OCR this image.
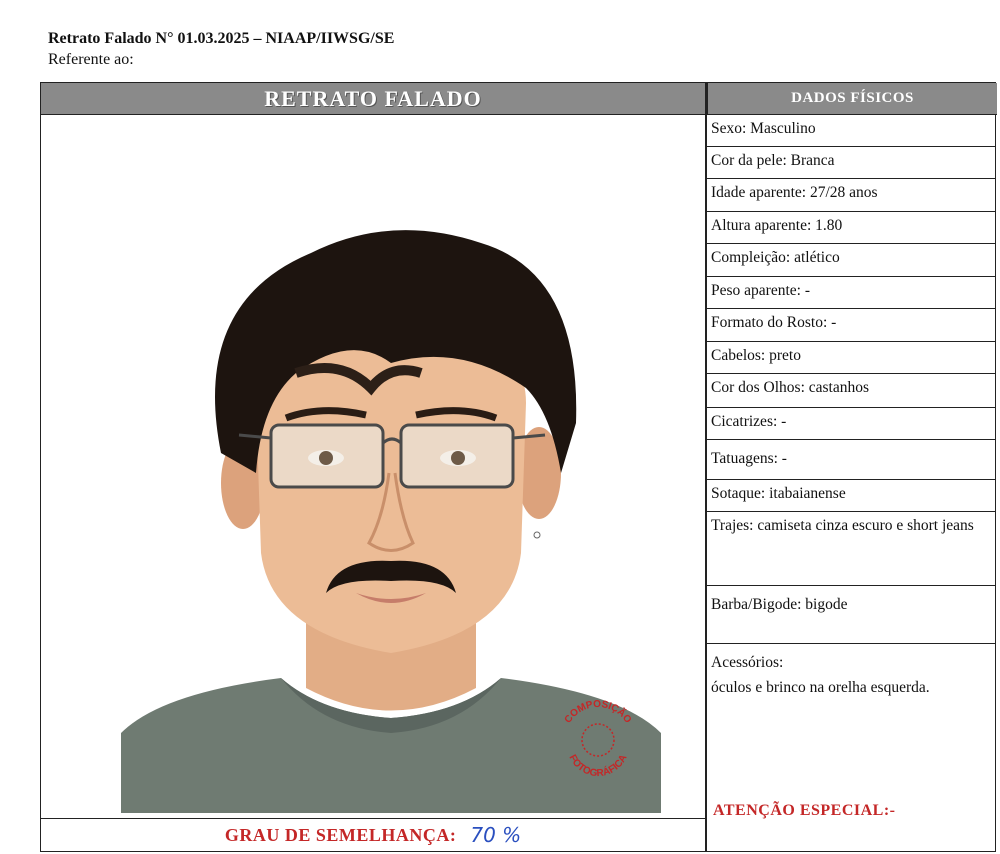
Retrato Falado N° 01.03.2025 – NIAAP/IIWSG/SE
Referente ao:
RETRATO FALADO	DADOS FÍSICOS
COMPOSIÇÃO
FOTOGRÁFICA
GRAU DE SEMELHANÇA: 70 %
Sexo: Masculino
Cor da pele: Branca
Idade aparente: 27/28 anos
Altura aparente: 1.80
Compleição: atlético
Peso aparente: -
Formato do Rosto: -
Cabelos: preto
Cor dos Olhos: castanhos
Cicatrizes: -
Tatuagens: -
Sotaque: itabaianense
Trajes: camiseta cinza escuro e short jeans
Barba/Bigode: bigode
Acessórios:
óculos e brinco na orelha esquerda.
ATENÇÃO ESPECIAL:-
